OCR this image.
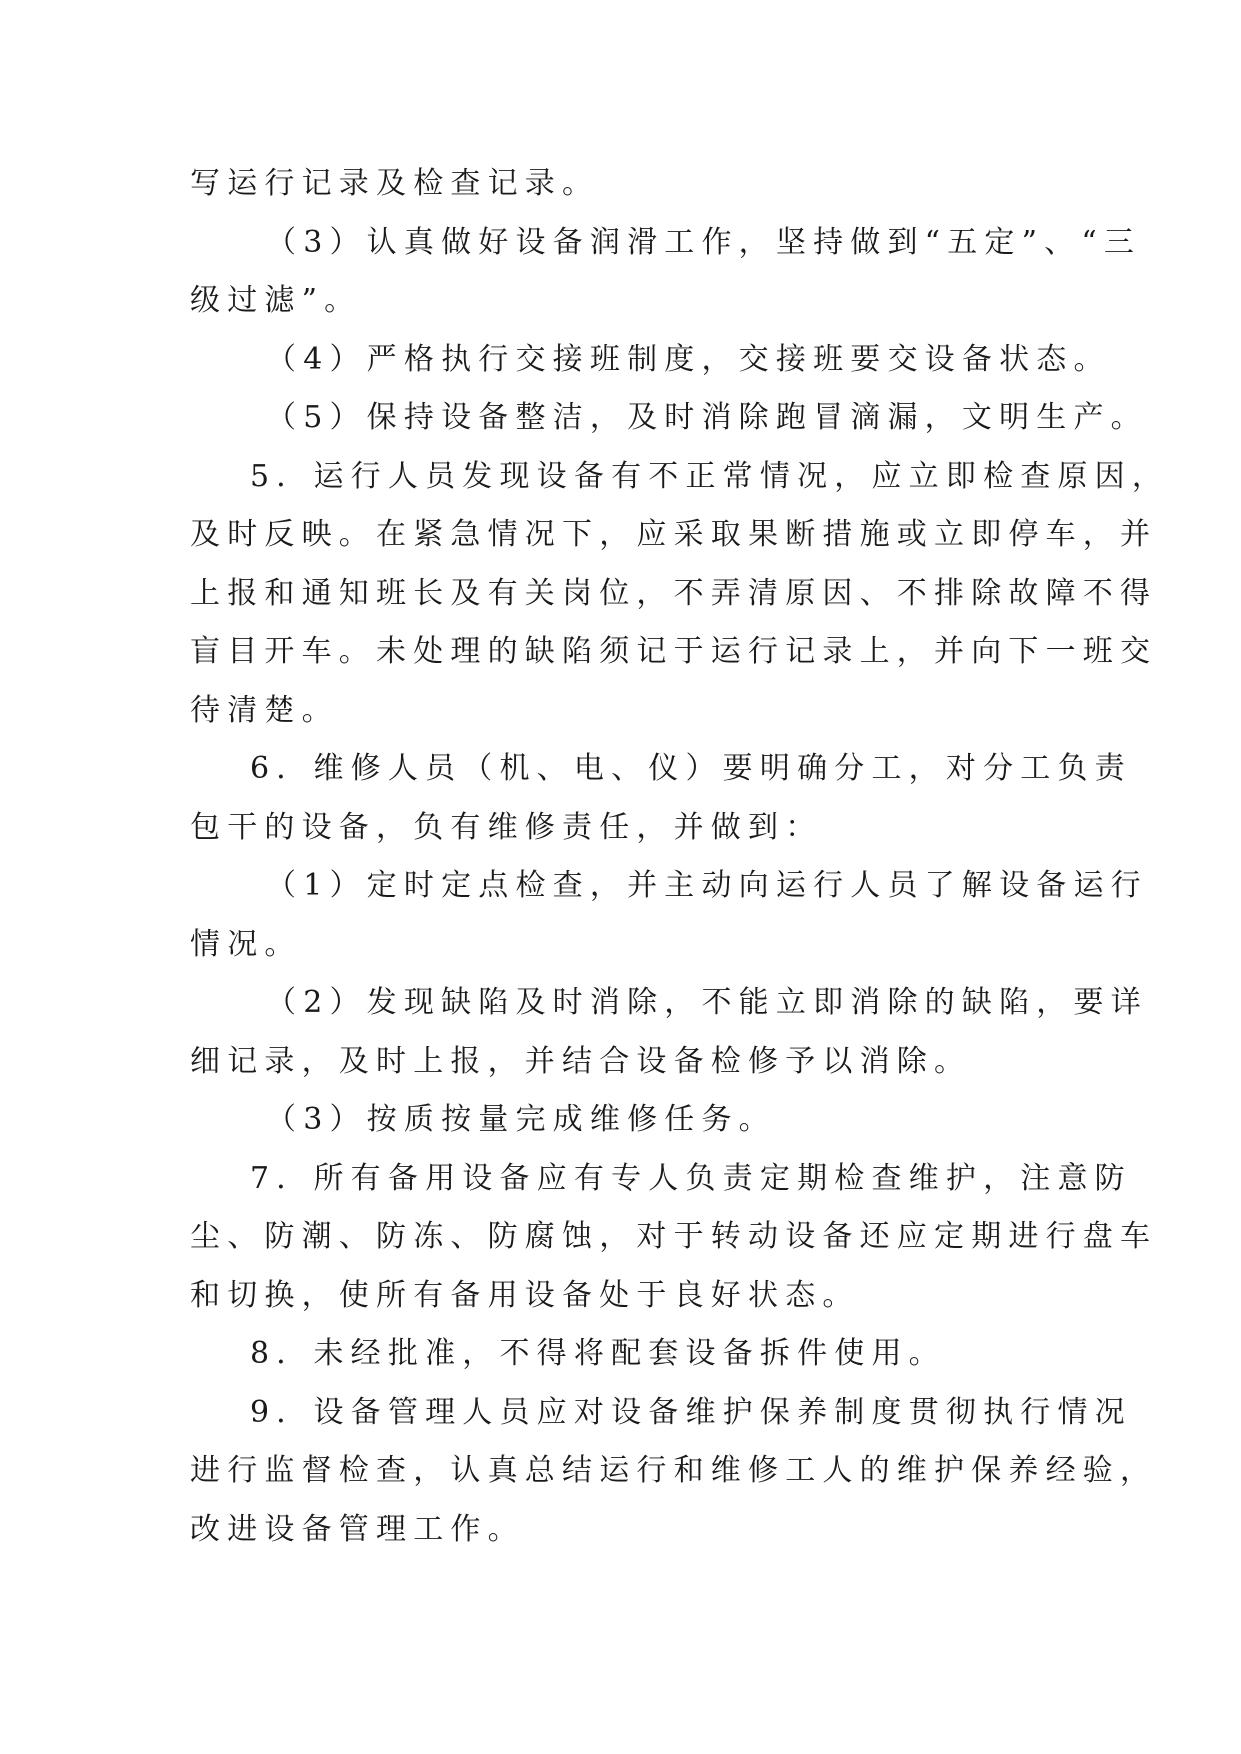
写运行记录及检查记录。
（3）认真做好设备润滑工作，坚持做到“五定”、“三
级过滤”。
（4）严格执行交接班制度，交接班要交设备状态。
（5）保持设备整洁，及时消除跑冒滴漏，文明生产。
5．运行人员发现设备有不正常情况，应立即检查原因，
及时反映。在紧急情况下，应采取果断措施或立即停车，并
上报和通知班长及有关岗位，不弄清原因、不排除故障不得
盲目开车。未处理的缺陷须记于运行记录上，并向下一班交
待清楚。
6．维修人员（机、电、仪）要明确分工，对分工负责
包干的设备，负有维修责任，并做到：
（1）定时定点检查，并主动向运行人员了解设备运行
情况。
（2）发现缺陷及时消除，不能立即消除的缺陷，要详
细记录，及时上报，并结合设备检修予以消除。
（3）按质按量完成维修任务。
7．所有备用设备应有专人负责定期检查维护，注意防
尘、防潮、防冻、防腐蚀，对于转动设备还应定期进行盘车
和切换，使所有备用设备处于良好状态。
8．未经批准，不得将配套设备拆件使用。
9．设备管理人员应对设备维护保养制度贯彻执行情况
进行监督检查，认真总结运行和维修工人的维护保养经验，
改进设备管理工作。
